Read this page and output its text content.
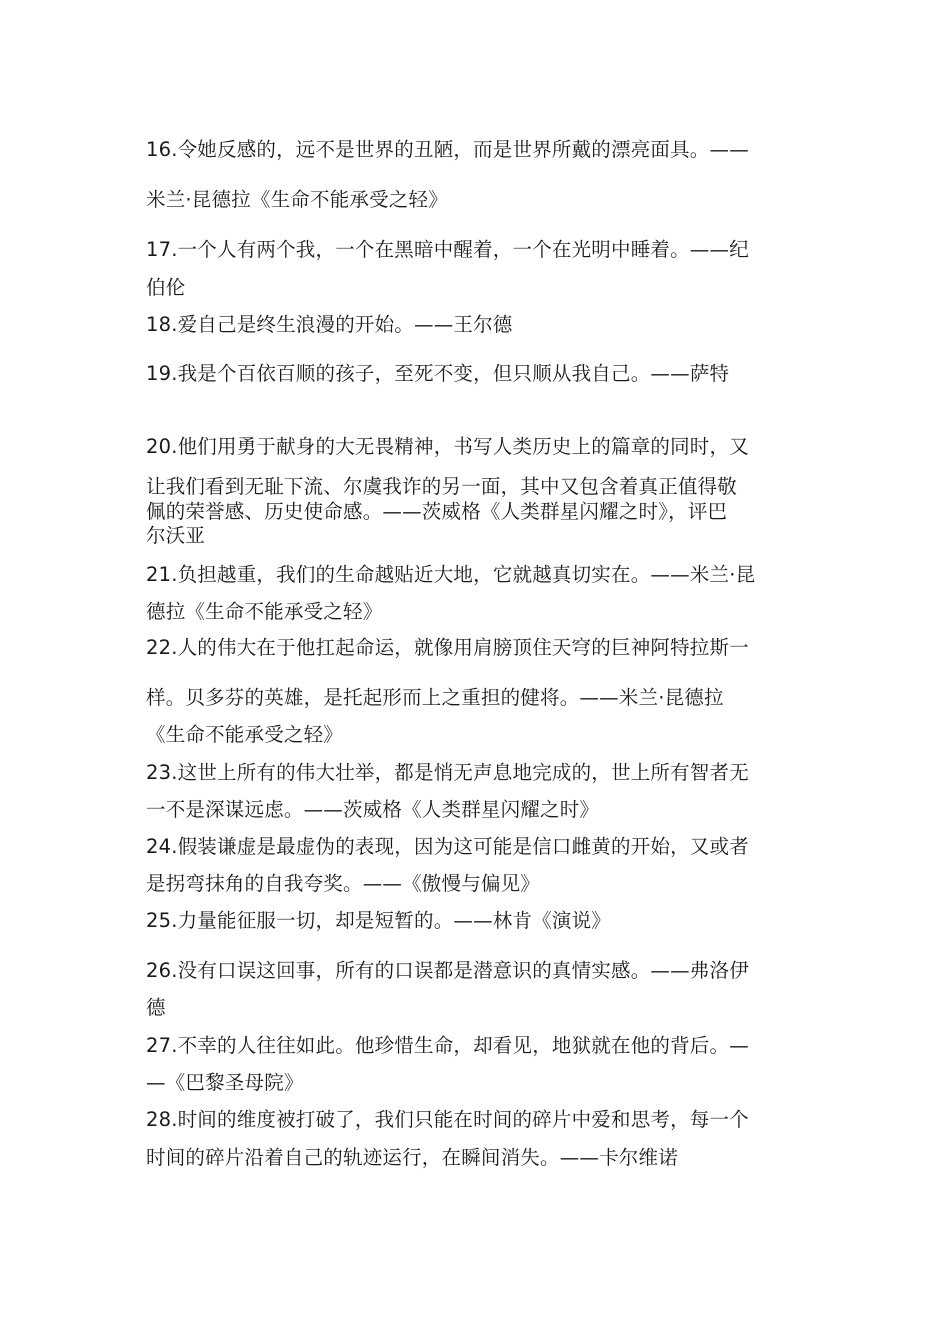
16.令她反感的，远不是世界的丑陋，而是世界所戴的漂亮面具。——
米兰·昆德拉《生命不能承受之轻》
17.一个人有两个我，一个在黑暗中醒着，一个在光明中睡着。——纪
伯伦
18.爱自己是终生浪漫的开始。——王尔德
19.我是个百依百顺的孩子，至死不变，但只顺从我自己。——萨特
20.他们用勇于献身的大无畏精神，书写人类历史上的篇章的同时，又
让我们看到无耻下流、尔虞我诈的另一面，其中又包含着真正值得敬
佩的荣誉感、历史使命感。——茨威格《人类群星闪耀之时》，评巴
尔沃亚
21.负担越重，我们的生命越贴近大地，它就越真切实在。——米兰·昆
德拉《生命不能承受之轻》
22.人的伟大在于他扛起命运，就像用肩膀顶住天穹的巨神阿特拉斯一
样。贝多芬的英雄，是托起形而上之重担的健将。——米兰·昆德拉
《生命不能承受之轻》
23.这世上所有的伟大壮举，都是悄无声息地完成的，世上所有智者无
一不是深谋远虑。——茨威格《人类群星闪耀之时》
24.假装谦虚是最虚伪的表现，因为这可能是信口雌黄的开始，又或者
是拐弯抹角的自我夸奖。——《傲慢与偏见》
25.力量能征服一切，却是短暂的。——林肯《演说》
26.没有口误这回事，所有的口误都是潜意识的真情实感。——弗洛伊
德
27.不幸的人往往如此。他珍惜生命，却看见，地狱就在他的背后。—
—《巴黎圣母院》
28.时间的维度被打破了，我们只能在时间的碎片中爱和思考，每一个
时间的碎片沿着自己的轨迹运行，在瞬间消失。——卡尔维诺
